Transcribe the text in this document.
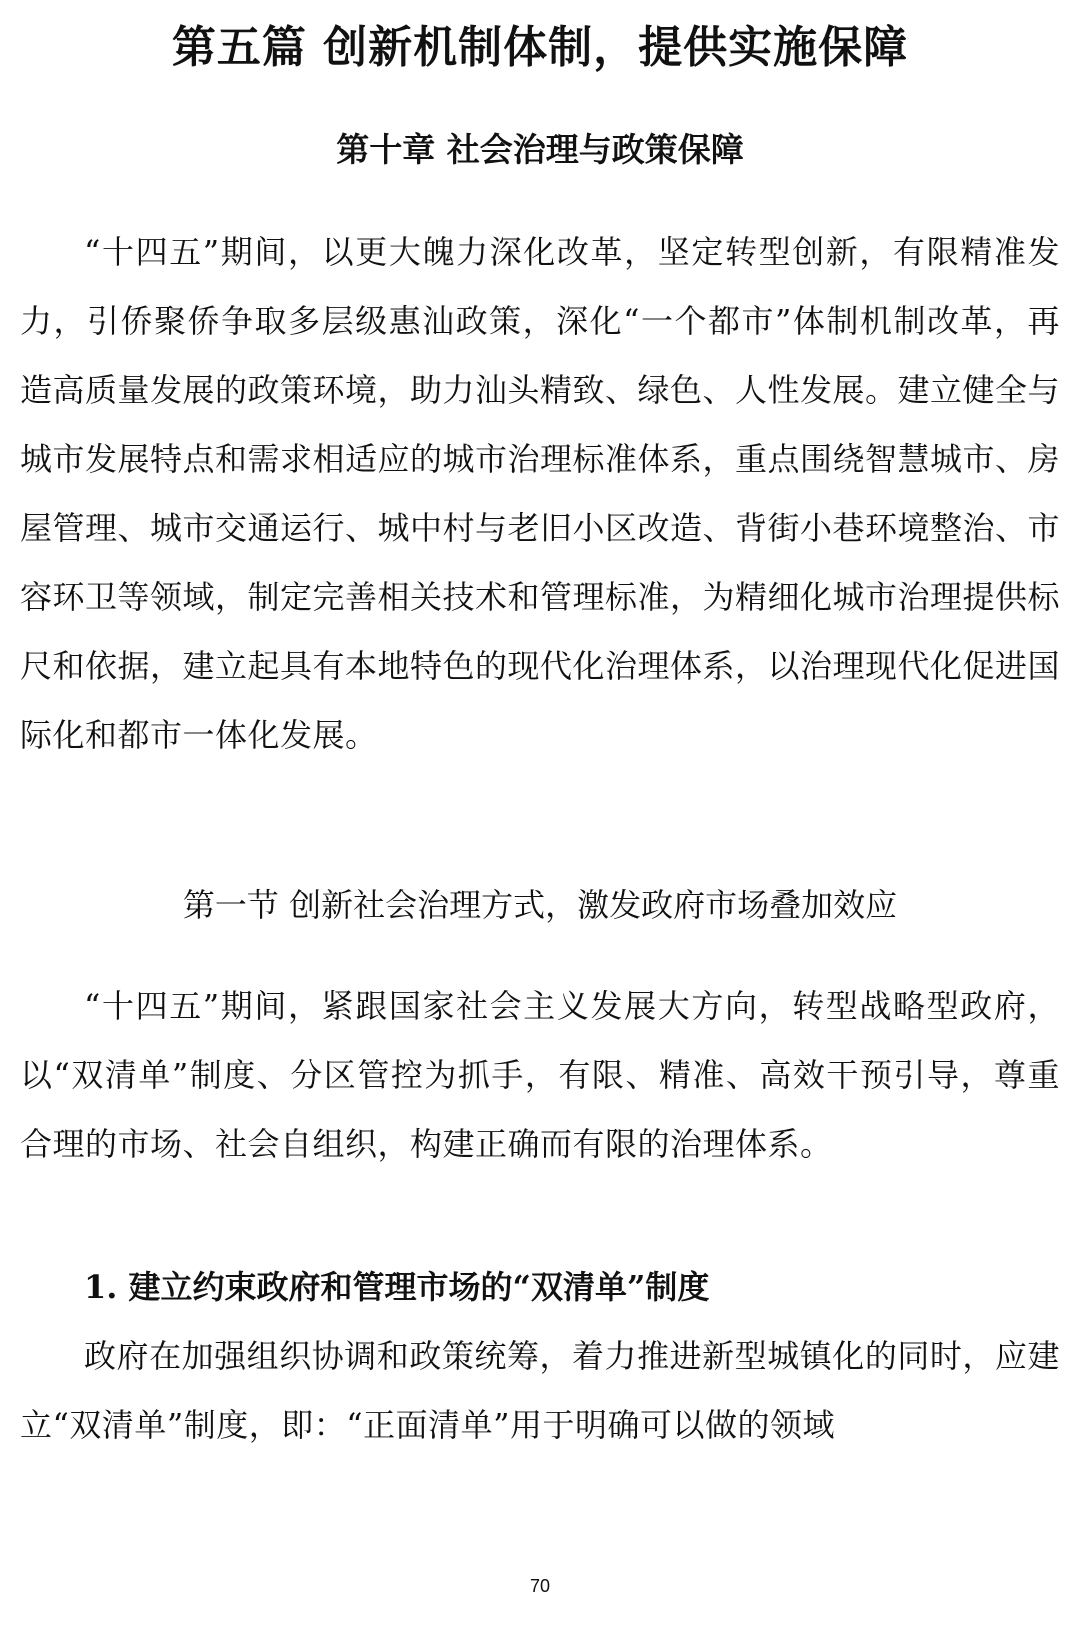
第五篇 创新机制体制，提供实施保障
第十章 社会治理与政策保障

“十四五”期间，以更大魄力深化改革，坚定转型创新，有限精准发力，引侨聚侨争取多层级惠汕政策，深化“一个都市”体制机制改革，再造高质量发展的政策环境，助力汕头精致、绿色、人性发展。建立健全与城市发展特点和需求相适应的城市治理标准体系，重点围绕智慧城市、房屋管理、城市交通运行、城中村与老旧小区改造、背街小巷环境整治、市容环卫等领域，制定完善相关技术和管理标准，为精细化城市治理提供标尺和依据，建立起具有本地特色的现代化治理体系，以治理现代化促进国际化和都市一体化发展。

第一节 创新社会治理方式，激发政府市场叠加效应

“十四五”期间，紧跟国家社会主义发展大方向，转型战略型政府，以“双清单”制度、分区管控为抓手，有限、精准、高效干预引导，尊重合理的市场、社会自组织，构建正确而有限的治理体系。

1. 建立约束政府和管理市场的“双清单”制度

政府在加强组织协调和政策统筹，着力推进新型城镇化的同时，应建立“双清单”制度，即：“正面清单”用于明确可以做的领域

70
